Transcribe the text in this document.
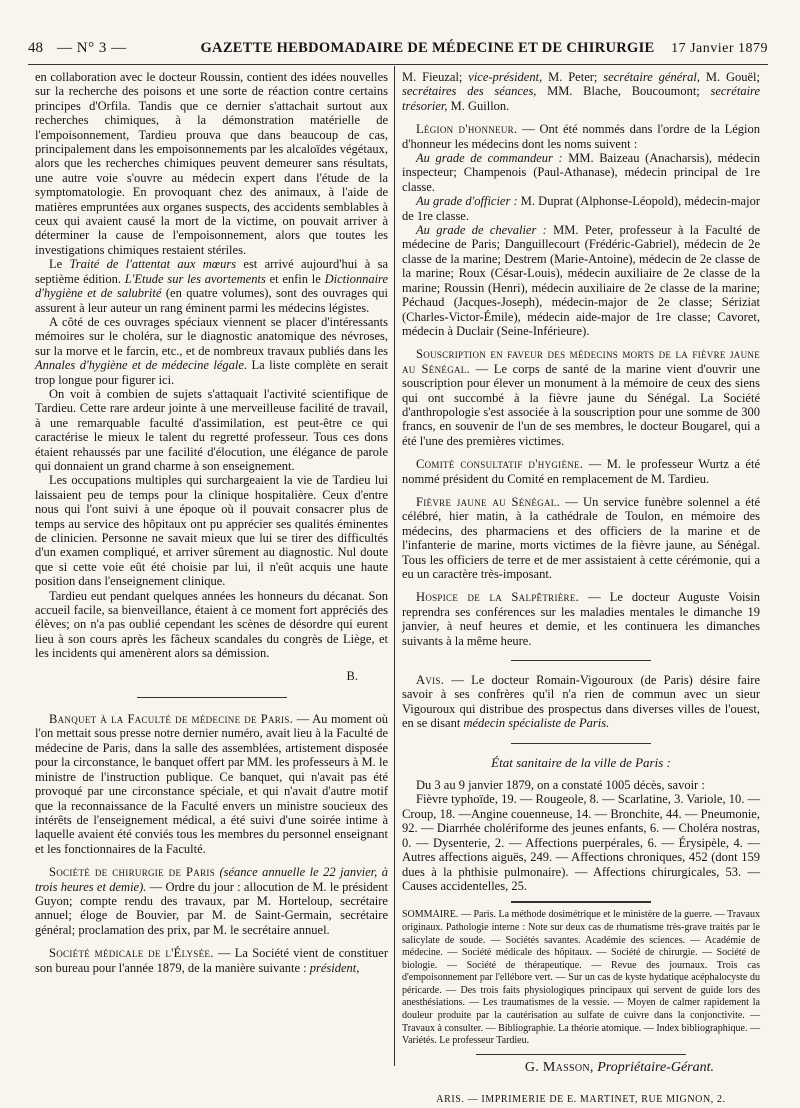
48 — N° 3 —	GAZETTE HEBDOMADAIRE DE MÉDECINE ET DE CHIRURGIE	17 Janvier 1879

en collaboration avec le docteur Roussin, contient des idées nouvelles sur la recherche des poisons et une sorte de réaction contre certains principes d'Orfila. Tandis que ce dernier s'attachait surtout aux recherches chimiques, à la démonstration matérielle de l'empoisonnement, Tardieu prouva que dans beaucoup de cas, principalement dans les empoisonnements par les alcaloïdes végétaux, alors que les recherches chimiques peuvent demeurer sans résultats, une autre voie s'ouvre au médecin expert dans l'étude de la symptomatologie. En provoquant chez des animaux, à l'aide de matières empruntées aux organes suspects, des accidents semblables à ceux qui avaient causé la mort de la victime, on pouvait arriver à déterminer la cause de l'empoisonnement, alors que toutes les investigations chimiques restaient stériles.

Le Traité de l'attentat aux mœurs est arrivé aujourd'hui à sa septième édition. L'Etude sur les avortements et enfin le Dictionnaire d'hygiène et de salubrité (en quatre volumes), sont des ouvrages qui assurent à leur auteur un rang éminent parmi les médecins légistes.

A côté de ces ouvrages spéciaux viennent se placer d'intéressants mémoires sur le choléra, sur le diagnostic anatomique des névroses, sur la morve et le farcin, etc., et de nombreux travaux publiés dans les Annales d'hygiène et de médecine légale. La liste complète en serait trop longue pour figurer ici.

On voit à combien de sujets s'attaquait l'activité scientifique de Tardieu. Cette rare ardeur jointe à une merveilleuse facilité de travail, à une remarquable faculté d'assimilation, est peut-être ce qui caractérise le mieux le talent du regretté professeur. Tous ces dons étaient rehaussés par une facilité d'élocution, une élégance de parole qui donnaient un grand charme à son enseignement.

Les occupations multiples qui surchargeaient la vie de Tardieu lui laissaient peu de temps pour la clinique hospitalière. Ceux d'entre nous qui l'ont suivi à une époque où il pouvait consacrer plus de temps au service des hôpitaux ont pu apprécier ses qualités éminentes de clinicien. Personne ne savait mieux que lui se tirer des difficultés d'un examen compliqué, et arriver sûrement au diagnostic. Nul doute que si cette voie eût été choisie par lui, il n'eût acquis une haute position dans l'enseignement clinique.

Tardieu eut pendant quelques années les honneurs du décanat. Son accueil facile, sa bienveillance, étaient à ce moment fort appréciés des élèves; on n'a pas oublié cependant les scènes de désordre qui eurent lieu à son cours après les fâcheux scandales du congrès de Liège, et les incidents qui amenèrent alors sa démission.

B.

Banquet à la Faculté de médecine de Paris. — Au moment où l'on mettait sous presse notre dernier numéro, avait lieu à la Faculté de médecine de Paris, dans la salle des assemblées, artistement disposée pour la circonstance, le banquet offert par MM. les professeurs à M. le ministre de l'instruction publique. Ce banquet, qui n'avait pas été provoqué par une circonstance spéciale, et qui n'avait d'autre motif que la reconnaissance de la Faculté envers un ministre soucieux des intérêts de l'enseignement médical, a été suivi d'une soirée intime à laquelle avaient été conviés tous les membres du personnel enseignant et les fonctionnaires de la Faculté.

Société de chirurgie de Paris (séance annuelle le 22 janvier, à trois heures et demie). — Ordre du jour : allocution de M. le président Guyon; compte rendu des travaux, par M. Horteloup, secrétaire annuel; éloge de Bouvier, par M. de Saint-Germain, secrétaire général; proclamation des prix, par M. le secrétaire annuel.

Société médicale de l'Élysée. — La Société vient de constituer son bureau pour l'année 1879, de la manière suivante : président,

M. Fieuzal; vice-président, M. Peter; secrétaire général, M. Gouël; secrétaires des séances, MM. Blache, Boucoumont; secrétaire trésorier, M. Guillon.

Légion d'honneur. — Ont été nommés dans l'ordre de la Légion d'honneur les médecins dont les noms suivent :

Au grade de commandeur : MM. Baizeau (Anacharsis), médecin inspecteur; Champenois (Paul-Athanase), médecin principal de 1re classe.

Au grade d'officier : M. Duprat (Alphonse-Léopold), médecin-major de 1re classe.

Au grade de chevalier : MM. Peter, professeur à la Faculté de médecine de Paris; Danguillecourt (Frédéric-Gabriel), médecin de 2e classe de la marine; Destrem (Marie-Antoine), médecin de 2e classe de la marine; Roux (César-Louis), médecin auxiliaire de 2e classe de la marine; Roussin (Henri), médecin auxiliaire de 2e classe de la marine; Péchaud (Jacques-Joseph), médecin-major de 2e classe; Sériziat (Charles-Victor-Émile), médecin aide-major de 1re classe; Cavoret, médecin à Duclair (Seine-Inférieure).

Souscription en faveur des médecins morts de la fièvre jaune au Sénégal. — Le corps de santé de la marine vient d'ouvrir une souscription pour élever un monument à la mémoire de ceux des siens qui ont succombé à la fièvre jaune du Sénégal. La Société d'anthropologie s'est associée à la souscription pour une somme de 300 francs, en souvenir de l'un de ses membres, le docteur Bougarel, qui a été l'une des premières victimes.

Comité consultatif d'hygiène. — M. le professeur Wurtz a été nommé président du Comité en remplacement de M. Tardieu.

Fièvre jaune au Sénégal. — Un service funèbre solennel a été célébré, hier matin, à la cathédrale de Toulon, en mémoire des médecins, des pharmaciens et des officiers de la marine et de l'infanterie de marine, morts victimes de la fièvre jaune, au Sénégal. Tous les officiers de terre et de mer assistaient à cette cérémonie, qui a eu un caractère très-imposant.

Hospice de la Salpêtrière. — Le docteur Auguste Voisin reprendra ses conférences sur les maladies mentales le dimanche 19 janvier, à neuf heures et demie, et les continuera les dimanches suivants à la même heure.

Avis. — Le docteur Romain-Vigouroux (de Paris) désire faire savoir à ses confrères qu'il n'a rien de commun avec un sieur Vigouroux qui distribue des prospectus dans diverses villes de l'ouest, en se disant médecin spécialiste de Paris.

État sanitaire de la ville de Paris :

Du 3 au 9 janvier 1879, on a constaté 1005 décès, savoir :

Fièvre typhoïde, 19. — Rougeole, 8. — Scarlatine, 3. Variole, 10. — Croup, 18. —Angine couenneuse, 14. — Bronchite, 44. — Pneumonie, 92. — Diarrhée cholériforme des jeunes enfants, 6. — Choléra nostras, 0. — Dysenterie, 2. — Affections puerpérales, 6. — Érysipèle, 4. — Autres affections aiguës, 249. — Affections chroniques, 452 (dont 159 dues à la phthisie pulmonaire). — Affections chirurgicales, 53. — Causes accidentelles, 25.

SOMMAIRE. — Paris. La méthode dosimétrique et le ministère de la guerre. — Travaux originaux. Pathologie interne : Note sur deux cas de rhumatisme très-grave traités par le salicylate de soude. — Sociétés savantes. Académie des sciences. — Académie de médecine. — Société médicale des hôpitaux. — Société de chirurgie. — Société de biologie. — Société de thérapeutique. — Revue des journaux. Trois cas d'empoisonnement par l'ellébore vert. — Sur un cas de kyste hydatique acéphalocyste du péricarde. — Des trois faits physiologiques principaux qui servent de guide lors des anesthésiations. — Les traumatismes de la vessie. — Moyen de calmer rapidement la douleur produite par la cautérisation au sulfate de cuivre dans la conjonctivite. — Travaux à consulter. — Bibliographie. La théorie atomique. — Index bibliographique. — Variétés. Le professeur Tardieu.
G. Masson, Propriétaire-Gérant.
ARIS. — IMPRIMERIE DE E. MARTINET, RUE MIGNON, 2.
